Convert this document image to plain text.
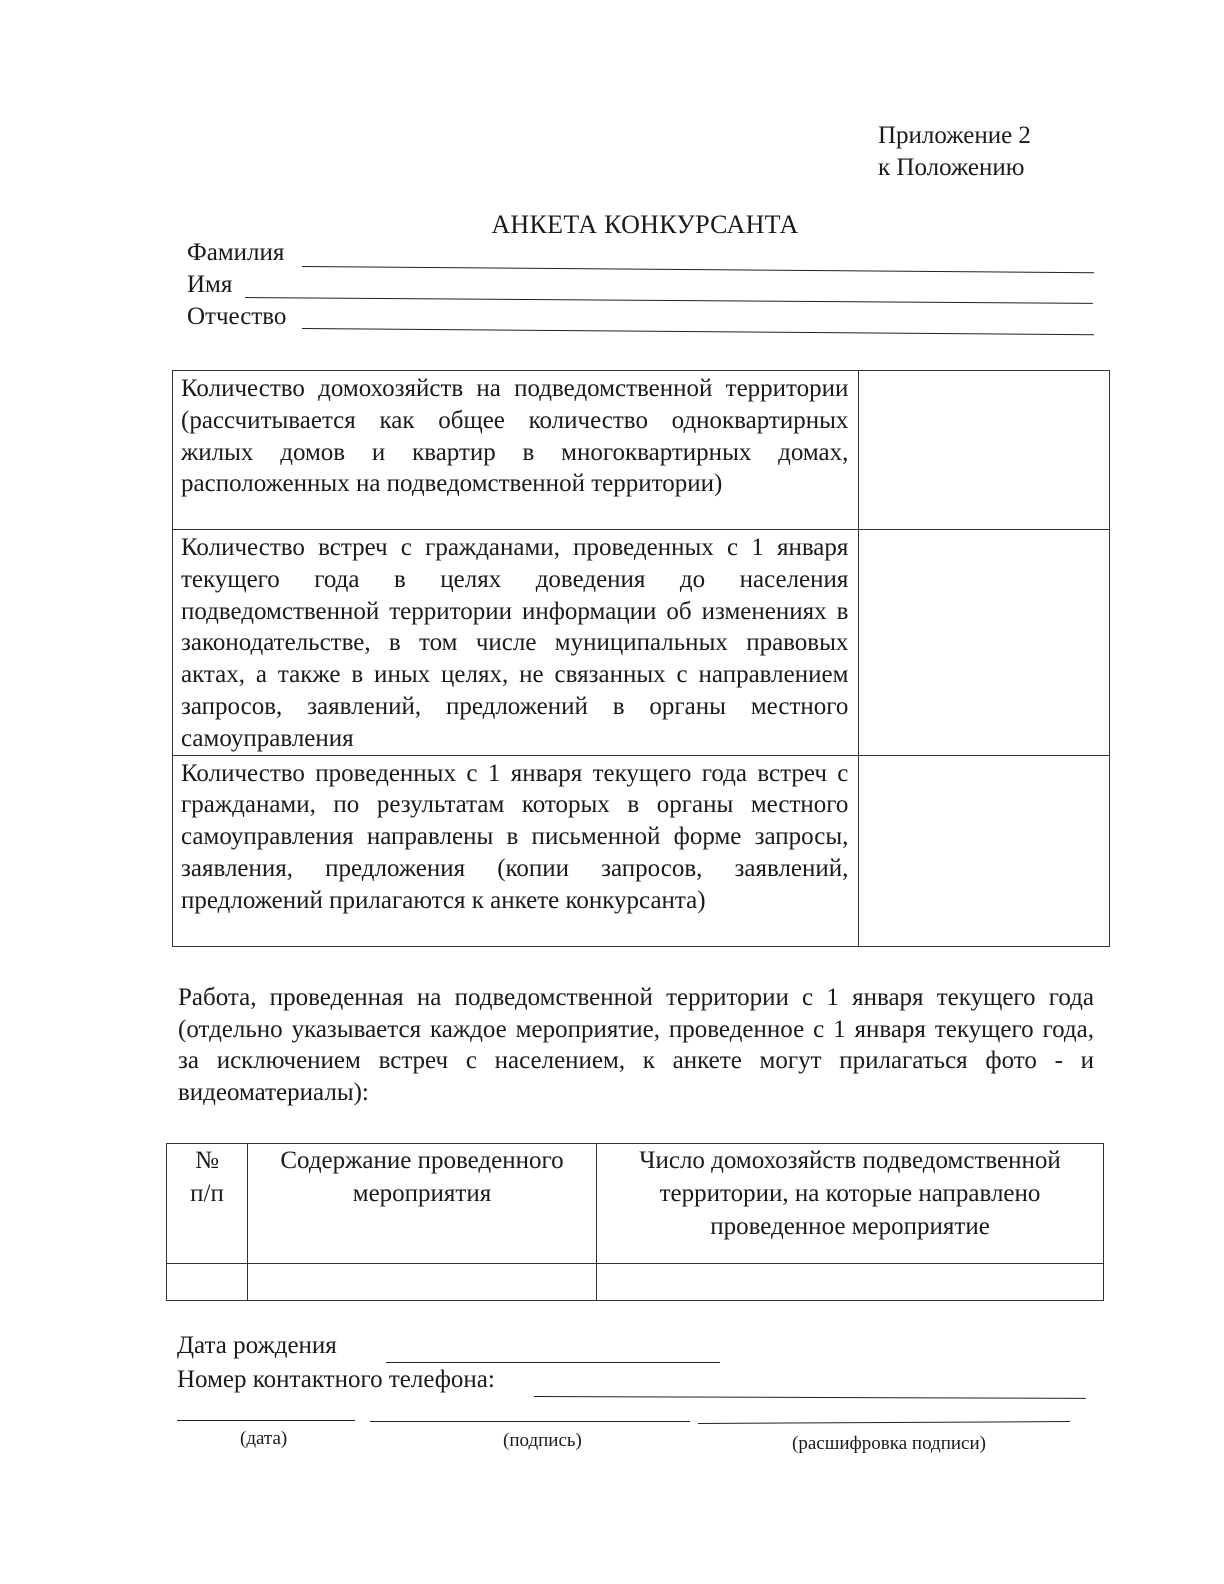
Приложение 2
к Положению
АНКЕТА КОНКУРСАНТА
Фамилия
Имя
Отчество
Количество домохозяйств на подведомственной территории (рассчитывается как общее количество одноквартирных жилых домов и квартир в многоквартирных домах, расположенных на подведомственной территории)	
Количество встреч с гражданами, проведенных с 1 января текущего года в целях доведения до населения подведомственной территории информации об изменениях в законодательстве, в том числе муниципальных правовых актах, а также в иных целях, не связанных с направлением запросов, заявлений, предложений в органы местного самоуправления	
Количество проведенных с 1 января текущего года встреч с гражданами, по результатам которых в органы местного самоуправления направлены в письменной форме запросы, заявления, предложения (копии запросов, заявлений, предложений прилагаются к анкете конкурсанта)	
Работа, проведенная на подведомственной территории с 1 января текущего года (отдельно указывается каждое мероприятие, проведенное с 1 января текущего года, за исключением встреч с населением, к анкете могут прилагаться фото - и видеоматериалы):
№
п/п	Содержание проведенного мероприятия	Число домохозяйств подведомственной территории, на которые направлено проведенное мероприятие

Дата рождения
Номер контактного телефона:
(дата)	(подпись)	(расшифровка подписи)
